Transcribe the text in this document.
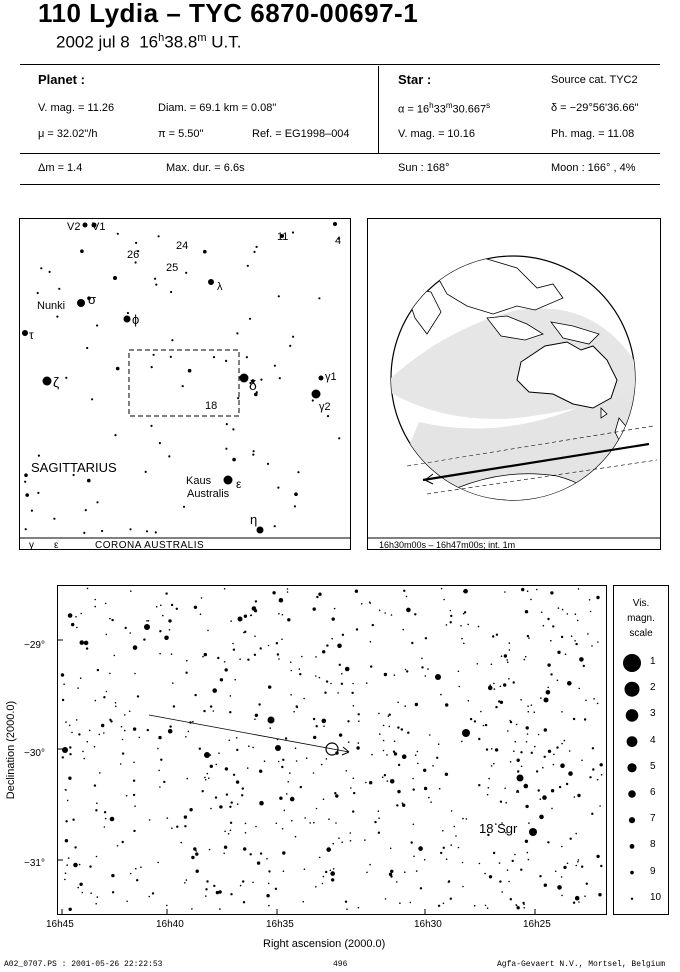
110 Lydia – TYC 6870-00697-1
2002 jul 8 16$^h$38.8$^m$ U.T.
Planet :
V. mag. = 11.26	Diam. = 69.1 km = 0.08"
μ = 32.02"/h	π = 5.50"	Ref. = EG1998–004
Star :	Source cat. TYC2
$\alpha = 16^h33^m30.667^s$	δ = −29°56'36.66"
V. mag. = 10.16	Ph. mag. = 11.08
Δm = 1.4	Max. dur. = 6.6s	Sun : 168°	Moon : 166° , 4%
V2 V1
11	4
26
24
25
λ
Nunki σ
ϕ
τ
ζ	δ	γ1
γ2
18
Kaus
Australis
ε
η
γ ε
SAGITTARIUS
CORONA AUSTRALIS	16h30m00s – 16h47m00s; int. 1m
18 Sgr
−29°
−30°
−31°
16h45	16h40	16h35	16h30	16h25
Right ascension (2000.0)
Declination (2000.0)
Vis.
magn.
scale
1
2
3
4
5
6
7
8
9
10
A02_0707.PS : 2001-05-26 22:22:53	496	Agfa-Gevaert N.V., Mortsel, Belgium
